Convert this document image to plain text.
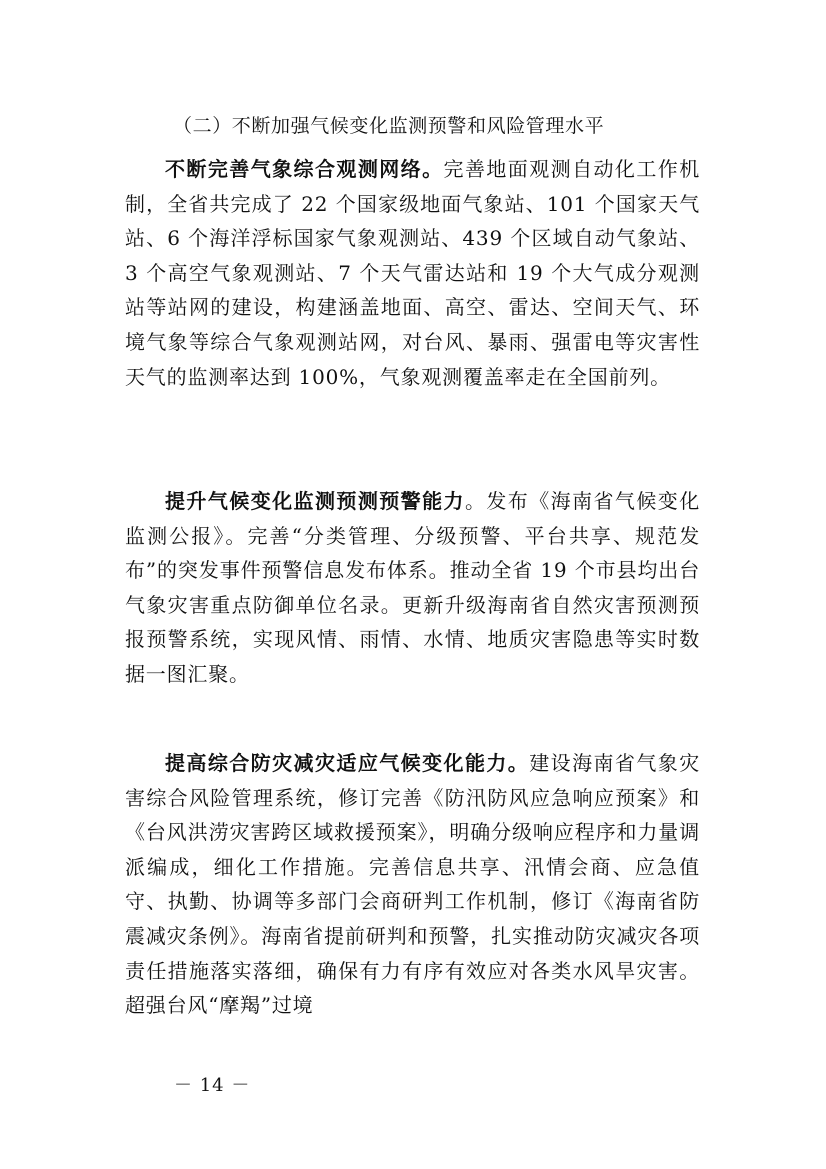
（二）不断加强气候变化监测预警和风险管理水平

不断完善气象综合观测网络。完善地面观测自动化工作机制，全省共完成了 22 个国家级地面气象站、101 个国家天气站、6 个海洋浮标国家气象观测站、439 个区域自动气象站、3 个高空气象观测站、7 个天气雷达站和 19 个大气成分观测站等站网的建设，构建涵盖地面、高空、雷达、空间天气、环境气象等综合气象观测站网，对台风、暴雨、强雷电等灾害性天气的监测率达到 100%，气象观测覆盖率走在全国前列。

提升气候变化监测预测预警能力。发布《海南省气候变化监测公报》。完善“分类管理、分级预警、平台共享、规范发布”的突发事件预警信息发布体系。推动全省 19 个市县均出台气象灾害重点防御单位名录。更新升级海南省自然灾害预测预报预警系统，实现风情、雨情、水情、地质灾害隐患等实时数据一图汇聚。

提高综合防灾减灾适应气候变化能力。建设海南省气象灾害综合风险管理系统，修订完善《防汛防风应急响应预案》和《台风洪涝灾害跨区域救援预案》，明确分级响应程序和力量调派编成，细化工作措施。完善信息共享、汛情会商、应急值守、执勤、协调等多部门会商研判工作机制，修订《海南省防震减灾条例》。海南省提前研判和预警，扎实推动防灾减灾各项责任措施落实落细，确保有力有序有效应对各类水风旱灾害。超强台风“摩羯”过境

－ 14 －
